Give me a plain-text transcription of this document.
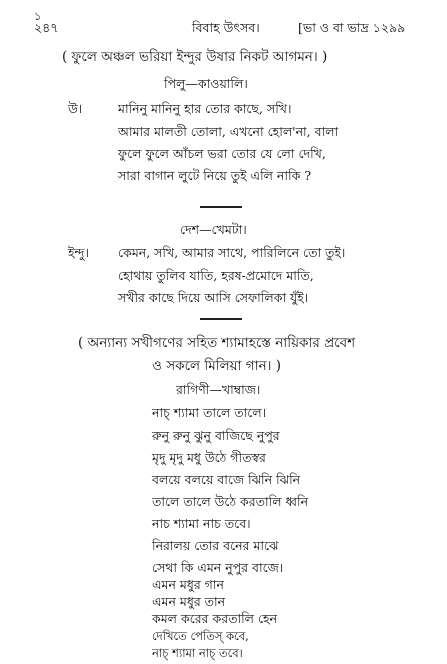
১
২৪৭	বিবাহ উৎসব।	[ভা ও বা ভাদ্র ১২৯৯
( ফুলে অঞ্চল ভরিয়া ইন্দুর উষার নিকট আগমন। )
পিলু—কাওয়ালি।
উ।	মানিনু মানিনু হার তোর কাছে, সখি।
আমার মালতী তোলা, এখনো হোল'না, বালা
ফুলে ফুলে আঁচল ভরা তোর যে লো দেখি,
সারা বাগান লুটে নিয়ে তুই এলি নাকি ?
দেশ—খেমটা।
ইন্দু। কেমন, সখি, আমার সাথে, পারিলিনে তো তুই।
হোথায় তুলিব যাতি, হরষ-প্রমোদে মাতি,
সখীর কাছে দিয়ে আসি সেফালিকা যুঁই।
( অন্যান্য সখীগণের সহিত শ্যামাহস্তে নায়িকার প্রবেশ
ও সকলে মিলিয়া গান। )
রাগিণী—খাম্বাজ।
নাচ্ শ্যামা তালে তালে।
রুনু রুনু ঝুনু বাজিছে নুপুর
মৃদু মৃদু মধু উঠে গীতস্বর
বলয়ে বলয়ে বাজে ঝিনি ঝিনি
তালে তালে উঠে করতালি ধ্বনি
নাচ শ্যামা নাচ তবে।
নিরালয় তোর বনের মাঝে
সেথা কি এমন নুপুর বাজে।
এমন মধুর গান
এমন মধুর তান
কমল করের করতালি হেন
দেখিতে পেতিস্ কবে,
নাচ্ শ্যামা নাচ্ তবে।
